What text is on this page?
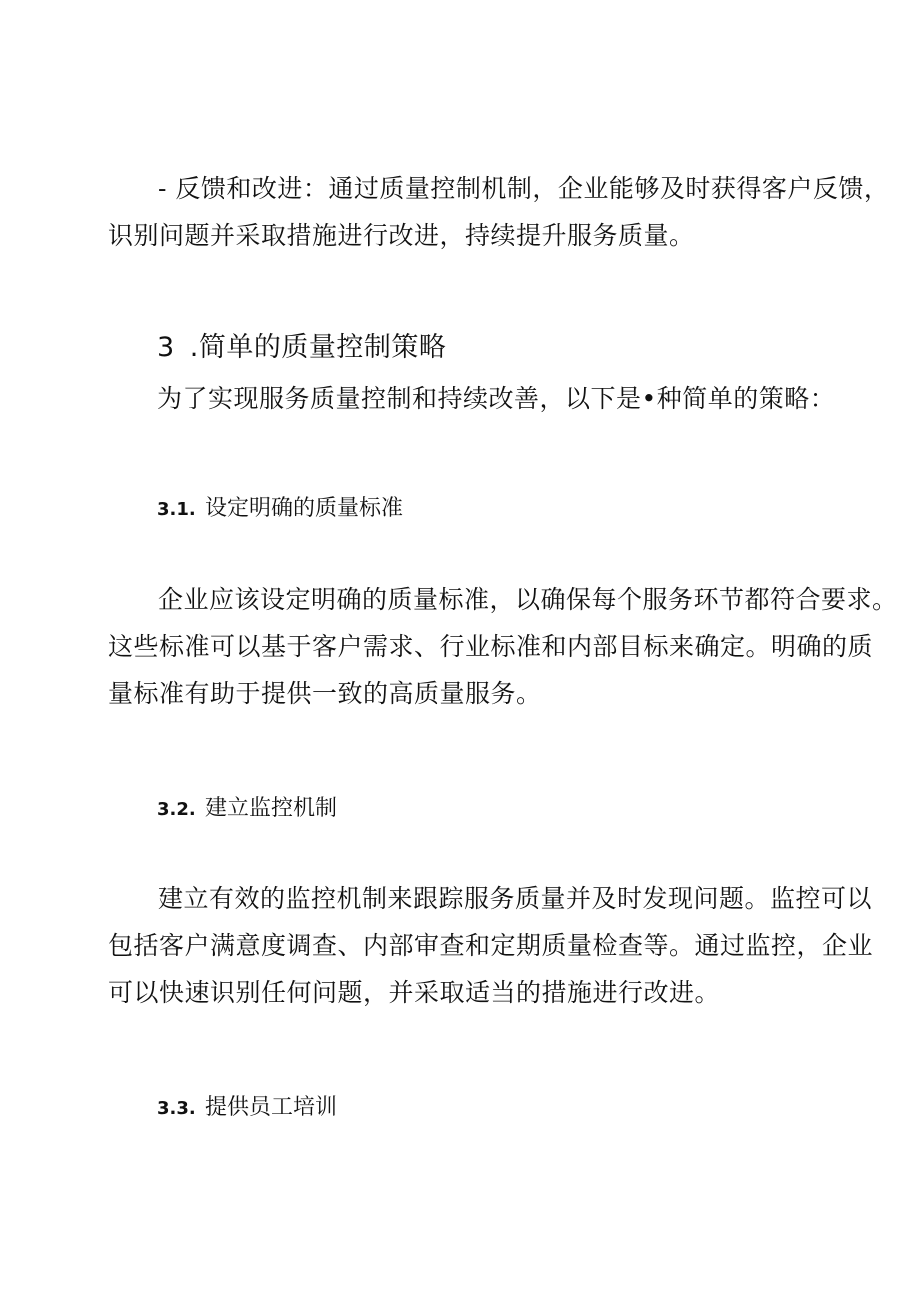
- 反馈和改进：通过质量控制机制，企业能够及时获得客户反馈，
识别问题并采取措施进行改进，持续提升服务质量。
3 .简单的质量控制策略
为了实现服务质量控制和持续改善，以下是•种简单的策略：
3.1. 设定明确的质量标准
企业应该设定明确的质量标准，以确保每个服务环节都符合要求。
这些标准可以基于客户需求、行业标准和内部目标来确定。明确的质
量标准有助于提供一致的高质量服务。
3.2. 建立监控机制
建立有效的监控机制来跟踪服务质量并及时发现问题。监控可以
包括客户满意度调查、内部审查和定期质量检查等。通过监控，企业
可以快速识别任何问题，并采取适当的措施进行改进。
3.3. 提供员工培训
